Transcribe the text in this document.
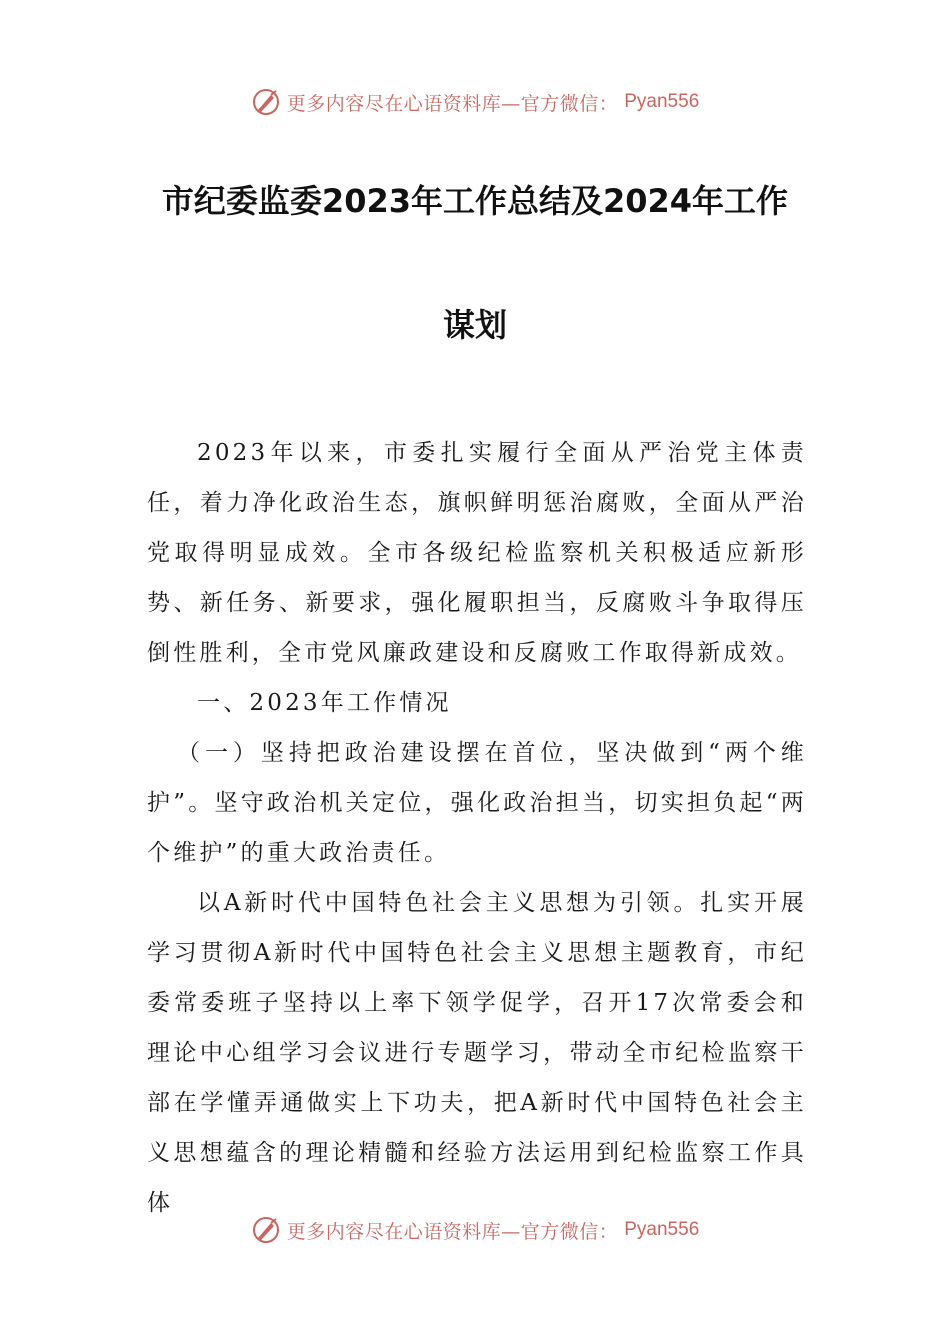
更多内容尽在心语资料库—官方微信： Pyan556
市纪委监委2023年工作总结及2024年工作
谋划

2023年以来，市委扎实履行全面从严治党主体责任，着力净化政治生态，旗帜鲜明惩治腐败，全面从严治党取得明显成效。全市各级纪检监察机关积极适应新形势、新任务、新要求，强化履职担当，反腐败斗争取得压倒性胜利，全市党风廉政建设和反腐败工作取得新成效。

一、2023年工作情况

（一）坚持把政治建设摆在首位，坚决做到“两个维护”。坚守政治机关定位，强化政治担当，切实担负起“两个维护”的重大政治责任。

以A新时代中国特色社会主义思想为引领。扎实开展学习贯彻A新时代中国特色社会主义思想主题教育，市纪委常委班子坚持以上率下领学促学，召开17次常委会和理论中心组学习会议进行专题学习，带动全市纪检监察干部在学懂弄通做实上下功夫，把A新时代中国特色社会主义思想蕴含的理论精髓和经验方法运用到纪检监察工作具体

更多内容尽在心语资料库—官方微信： Pyan556
